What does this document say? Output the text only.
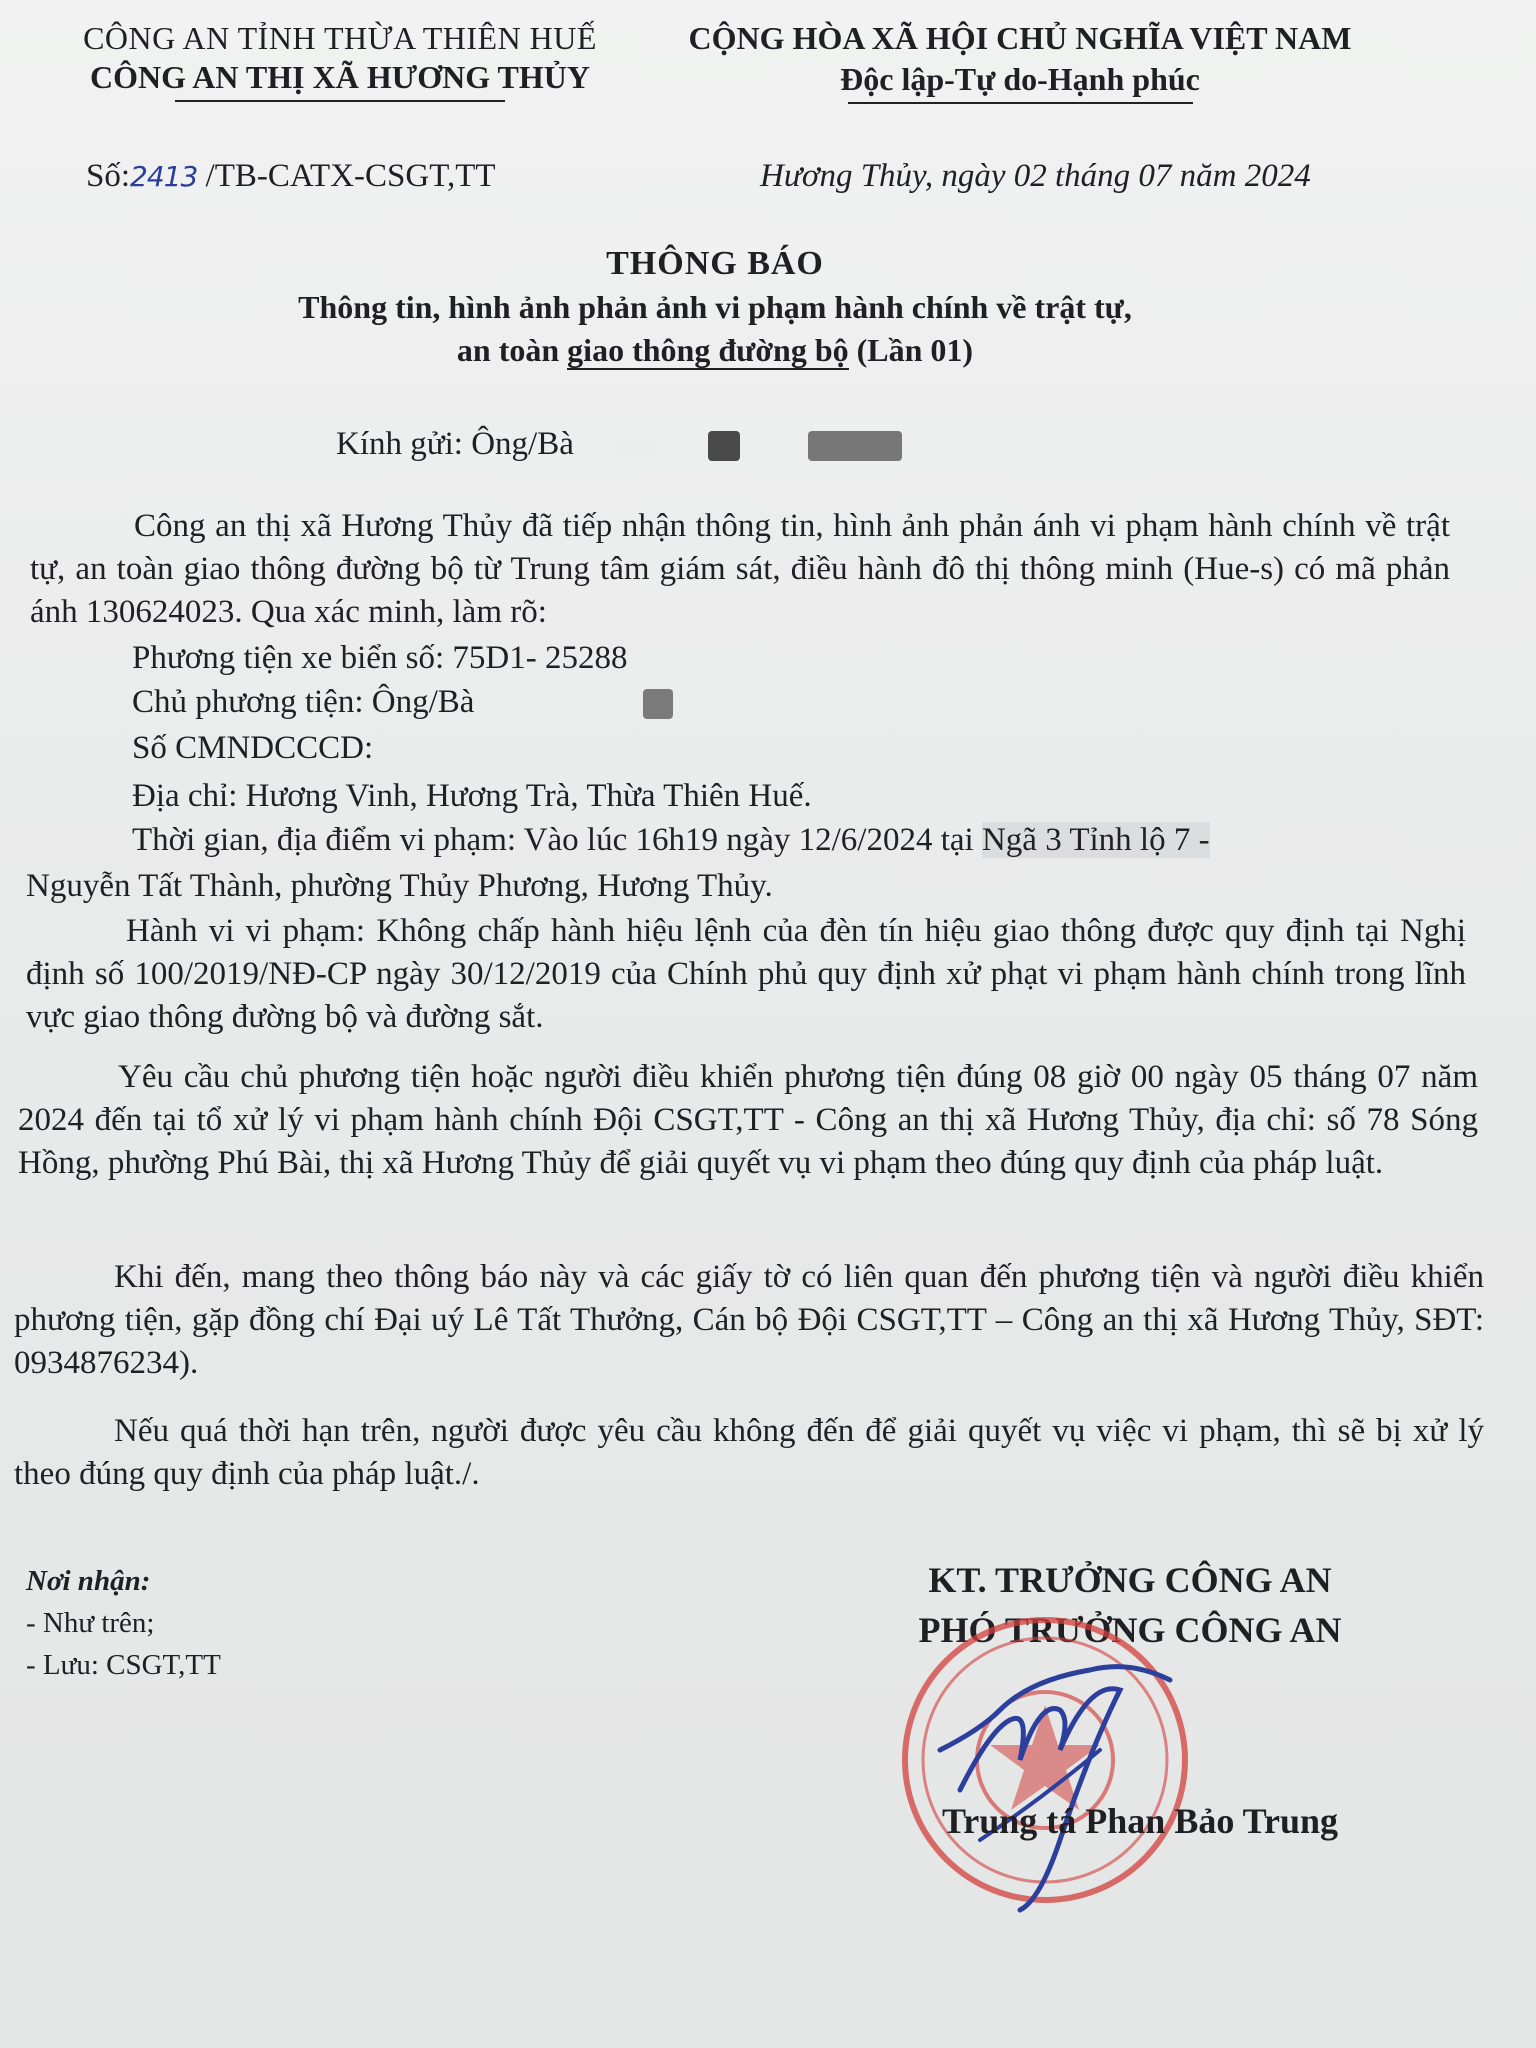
CÔNG AN TỈNH THỪA THIÊN HUẾ
CÔNG AN THỊ XÃ HƯƠNG THỦY
CỘNG HÒA XÃ HỘI CHỦ NGHĨA VIỆT NAM
Độc lập-Tự do-Hạnh phúc
Số:2413 /TB-CATX-CSGT,TT	Hương Thủy, ngày 02 tháng 07 năm 2024
THÔNG BÁO
Thông tin, hình ảnh phản ảnh vi phạm hành chính về trật tự,
an toàn giao thông đường bộ (Lần 01)
Kính gửi: Ông/Bà
Công an thị xã Hương Thủy đã tiếp nhận thông tin, hình ảnh phản ánh vi phạm hành chính về trật tự, an toàn giao thông đường bộ từ Trung tâm giám sát, điều hành đô thị thông minh (Hue-s) có mã phản ánh 130624023. Qua xác minh, làm rõ:
Phương tiện xe biển số: 75D1- 25288
Chủ phương tiện: Ông/Bà
Số CMNDCCCD:
Địa chỉ: Hương Vinh, Hương Trà, Thừa Thiên Huế.
Thời gian, địa điểm vi phạm: Vào lúc 16h19 ngày 12/6/2024 tại Ngã 3 Tỉnh lộ 7 -
Nguyễn Tất Thành, phường Thủy Phương, Hương Thủy.
Hành vi vi phạm: Không chấp hành hiệu lệnh của đèn tín hiệu giao thông được quy định tại Nghị định số 100/2019/NĐ-CP ngày 30/12/2019 của Chính phủ quy định xử phạt vi phạm hành chính trong lĩnh vực giao thông đường bộ và đường sắt.
Yêu cầu chủ phương tiện hoặc người điều khiển phương tiện đúng 08 giờ 00 ngày 05 tháng 07 năm 2024 đến tại tổ xử lý vi phạm hành chính Đội CSGT,TT - Công an thị xã Hương Thủy, địa chỉ: số 78 Sóng Hồng, phường Phú Bài, thị xã Hương Thủy để giải quyết vụ vi phạm theo đúng quy định của pháp luật.
Khi đến, mang theo thông báo này và các giấy tờ có liên quan đến phương tiện và người điều khiển phương tiện, gặp đồng chí Đại uý Lê Tất Thưởng, Cán bộ Đội CSGT,TT – Công an thị xã Hương Thủy, SĐT: 0934876234).
Nếu quá thời hạn trên, người được yêu cầu không đến để giải quyết vụ việc vi phạm, thì sẽ bị xử lý theo đúng quy định của pháp luật./.
Nơi nhận:
- Như trên;
- Lưu: CSGT,TT
KT. TRƯỞNG CÔNG AN
PHÓ TRƯỞNG CÔNG AN
Trung tá Phan Bảo Trung
